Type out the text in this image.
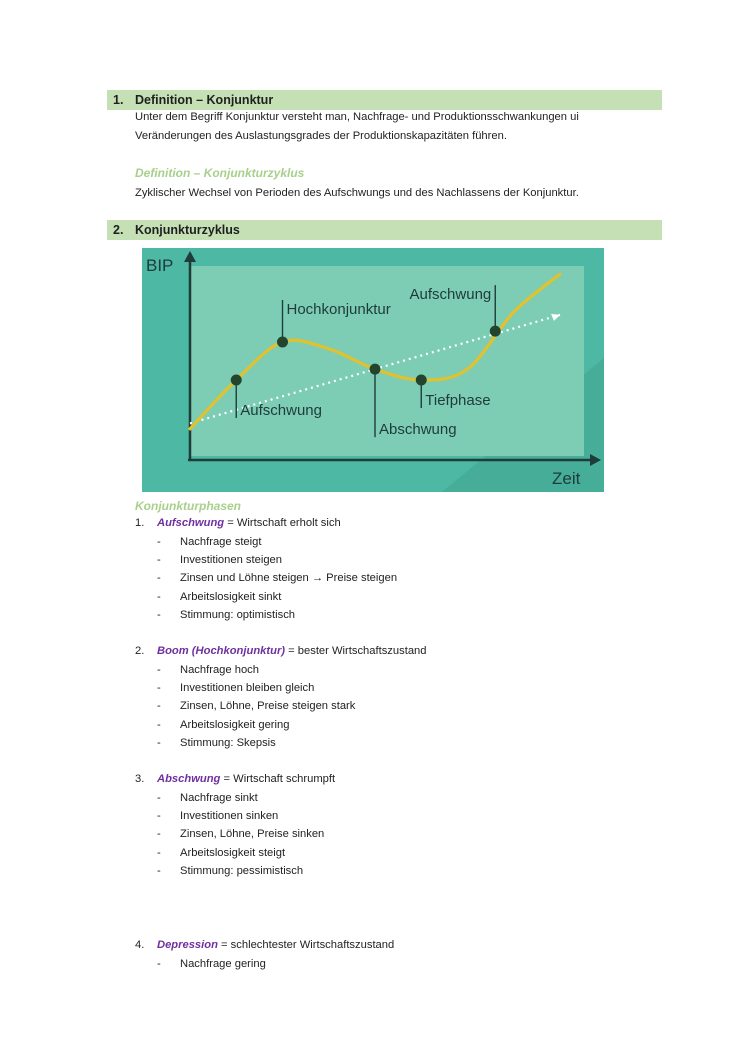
1. Definition – Konjunktur
Unter dem Begriff Konjunktur versteht man, Nachfrage- und Produktionsschwankungen ui
Veränderungen des Auslastungsgrades der Produktionskapazitäten führen.
Definition – Konjunkturzyklus
Zyklischer Wechsel von Perioden des Aufschwungs und des Nachlassens der Konjunktur.
2. Konjunkturzyklus
Aufschwung
Hochkonjunktur
Abschwung
Tiefphase
Aufschwung
BIP
Zeit
Konjunkturphasen
1. Aufschwung = Wirtschaft erholt sich
- Nachfrage steigt
- Investitionen steigen
- Zinsen und Löhne steigen → Preise steigen
- Arbeitslosigkeit sinkt
- Stimmung: optimistisch
2. Boom (Hochkonjunktur) = bester Wirtschaftszustand
- Nachfrage hoch
- Investitionen bleiben gleich
- Zinsen, Löhne, Preise steigen stark
- Arbeitslosigkeit gering
- Stimmung: Skepsis
3. Abschwung = Wirtschaft schrumpft
- Nachfrage sinkt
- Investitionen sinken
- Zinsen, Löhne, Preise sinken
- Arbeitslosigkeit steigt
- Stimmung: pessimistisch
4. Depression = schlechtester Wirtschaftszustand
- Nachfrage gering
